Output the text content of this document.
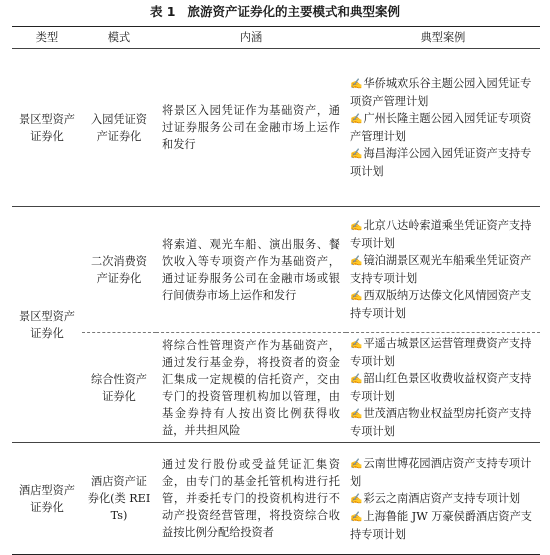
表 1 旅游资产证券化的主要模式和典型案例
类型	模式	内涵	典型案例
景区型资产证券化	入园凭证资产证券化	将景区入园凭证作为基础资产，通过证券服务公司在金融市场上运作和发行	✍华侨城欢乐谷主题公园入园凭证专项资产管理计划
✍广州长隆主题公园入园凭证专项资产管理计划
✍海昌海洋公园入园凭证资产支持专项计划

景区型资产证券化	二次消费资产证券化	将索道、观光车船、演出服务、餐饮收入等专项资产作为基础资产，通过证券服务公司在金融市场或银行间债券市场上运作和发行	✍北京八达岭索道乘坐凭证资产支持专项计划
✍镜泊湖景区观光车船乘坐凭证资产支持专项计划
✍西双版纳万达傣文化风情园资产支持专项计划

	综合性资产证券化	将综合性管理资产作为基础资产，通过发行基金券，将投资者的资金汇集成一定规模的信托资产，交由专门的投资管理机构加以管理，由基金券持有人按出资比例获得收益，并共担风险	✍平遥古城景区运营管理费资产支持专项计划
✍韶山红色景区收费收益权资产支持专项计划
✍世茂酒店物业权益型房托资产支持专项计划

酒店型资产证券化	酒店资产证券化(类 REITs)	通过发行股份或受益凭证汇集资金，由专门的基金托管机构进行托管，并委托专门的投资机构进行不动产投资经营管理，将投资综合收益按比例分配给投资者	✍云南世博花园酒店资产支持专项计划
✍彩云之南酒店资产支持专项计划
✍上海鲁能 JW 万豪侯爵酒店资产支持专项计划
